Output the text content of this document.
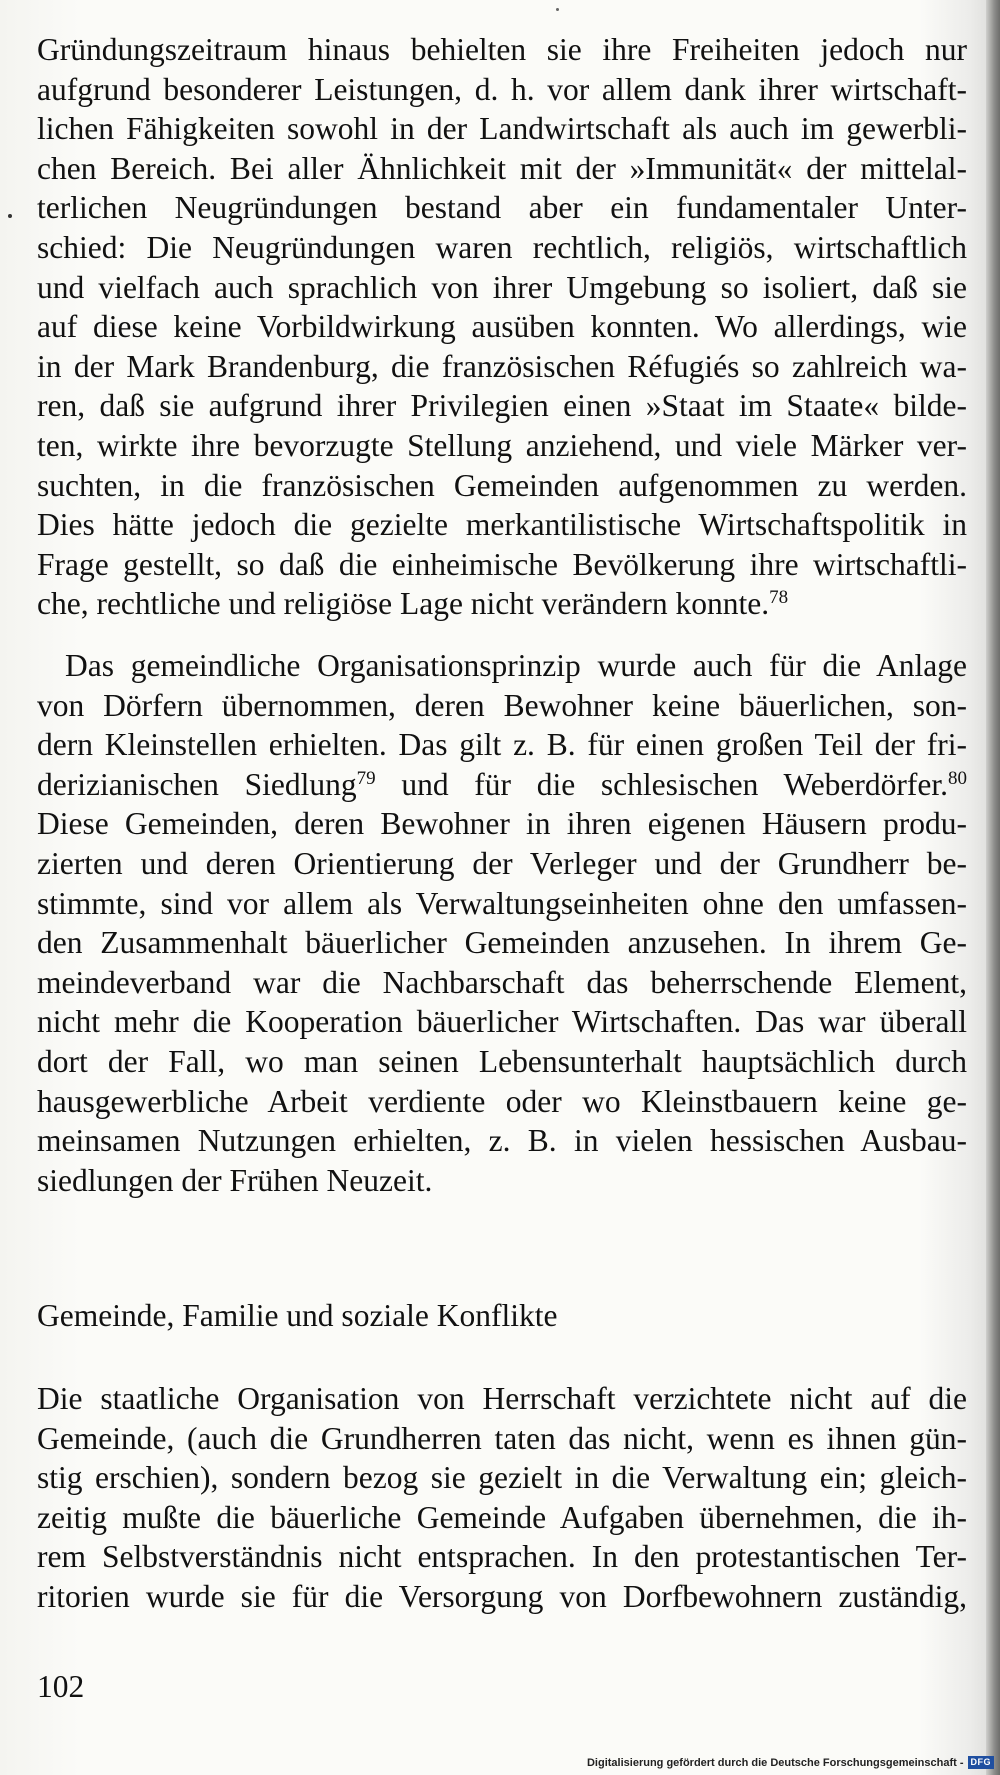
Gründungszeitraum hinaus behielten sie ihre Freiheiten jedoch nur
aufgrund besonderer Leistungen, d. h. vor allem dank ihrer wirtschaft-
lichen Fähigkeiten sowohl in der Landwirtschaft als auch im gewerbli-
chen Bereich. Bei aller Ähnlichkeit mit der »Immunität« der mittelal-
terlichen Neugründungen bestand aber ein fundamentaler Unter-
schied: Die Neugründungen waren rechtlich, religiös, wirtschaftlich
und vielfach auch sprachlich von ihrer Umgebung so isoliert, daß sie
auf diese keine Vorbildwirkung ausüben konnten. Wo allerdings, wie
in der Mark Brandenburg, die französischen Réfugiés so zahlreich wa-
ren, daß sie aufgrund ihrer Privilegien einen »Staat im Staate« bilde-
ten, wirkte ihre bevorzugte Stellung anziehend, und viele Märker ver-
suchten, in die französischen Gemeinden aufgenommen zu werden.
Dies hätte jedoch die gezielte merkantilistische Wirtschaftspolitik in
Frage gestellt, so daß die einheimische Bevölkerung ihre wirtschaftli-
che, rechtliche und religiöse Lage nicht verändern konnte.$^{78}$
Das gemeindliche Organisationsprinzip wurde auch für die Anlage
von Dörfern übernommen, deren Bewohner keine bäuerlichen, son-
dern Kleinstellen erhielten. Das gilt z. B. für einen großen Teil der fri-
derizianischen Siedlung$^{79}$ und für die schlesischen Weberdörfer.$^{80}$
Diese Gemeinden, deren Bewohner in ihren eigenen Häusern produ-
zierten und deren Orientierung der Verleger und der Grundherr be-
stimmte, sind vor allem als Verwaltungseinheiten ohne den umfassen-
den Zusammenhalt bäuerlicher Gemeinden anzusehen. In ihrem Ge-
meindeverband war die Nachbarschaft das beherrschende Element,
nicht mehr die Kooperation bäuerlicher Wirtschaften. Das war überall
dort der Fall, wo man seinen Lebensunterhalt hauptsächlich durch
hausgewerbliche Arbeit verdiente oder wo Kleinstbauern keine ge-
meinsamen Nutzungen erhielten, z. B. in vielen hessischen Ausbau-
siedlungen der Frühen Neuzeit.
Gemeinde, Familie und soziale Konflikte
Die staatliche Organisation von Herrschaft verzichtete nicht auf die
Gemeinde, (auch die Grundherren taten das nicht, wenn es ihnen gün-
stig erschien), sondern bezog sie gezielt in die Verwaltung ein; gleich-
zeitig mußte die bäuerliche Gemeinde Aufgaben übernehmen, die ih-
rem Selbstverständnis nicht entsprachen. In den protestantischen Ter-
ritorien wurde sie für die Versorgung von Dorfbewohnern zuständig,
102
Digitalisierung gefördert durch die Deutsche Forschungsgemeinschaft - DFG
